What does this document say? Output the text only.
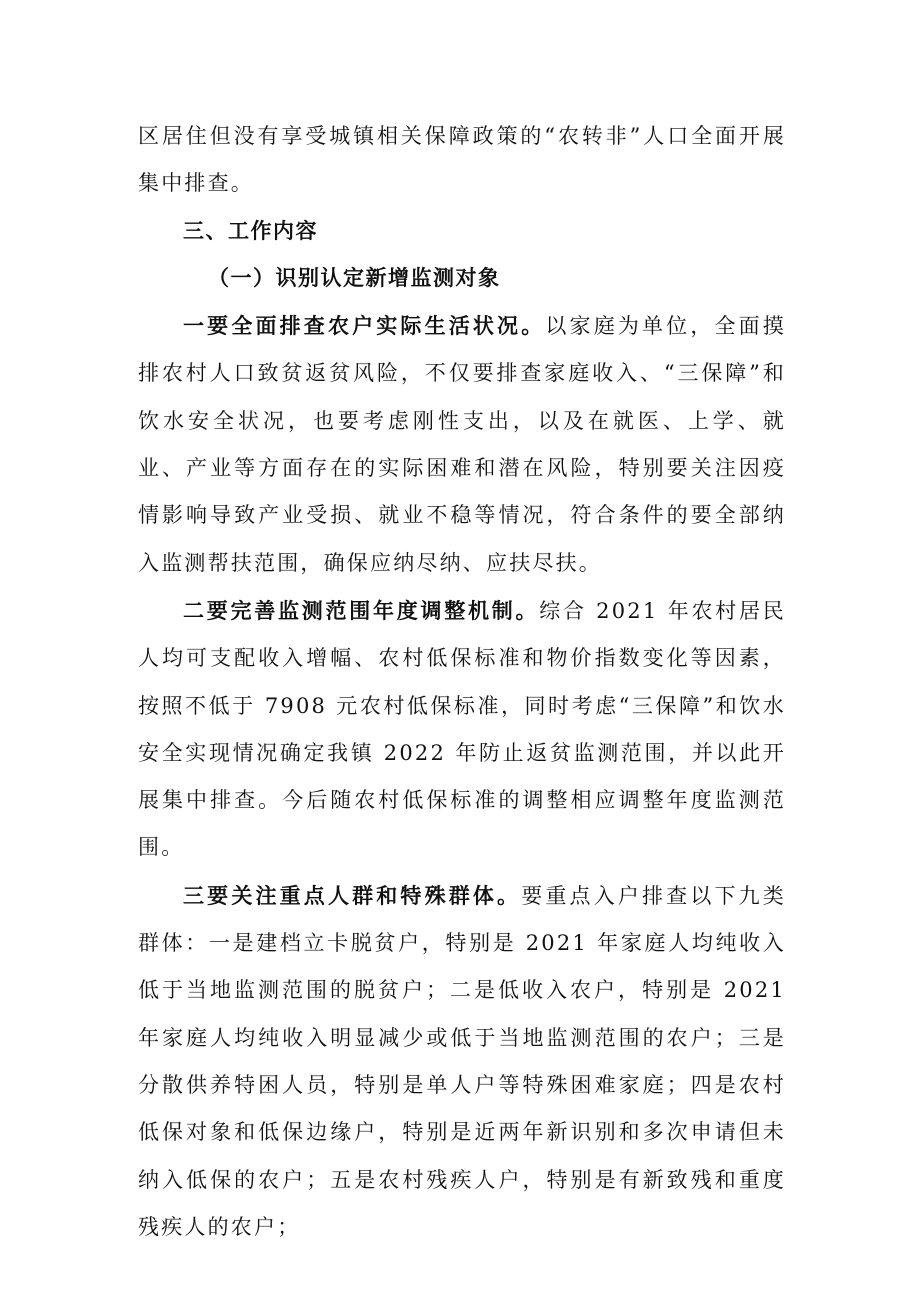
区居住但没有享受城镇相关保障政策的“农转非”人口全面开展集中排查。

三、工作内容

（一）识别认定新增监测对象

一要全面排查农户实际生活状况。以家庭为单位，全面摸排农村人口致贫返贫风险，不仅要排查家庭收入、“三保障”和饮水安全状况，也要考虑刚性支出，以及在就医、上学、就业、产业等方面存在的实际困难和潜在风险，特别要关注因疫情影响导致产业受损、就业不稳等情况，符合条件的要全部纳入监测帮扶范围，确保应纳尽纳、应扶尽扶。

二要完善监测范围年度调整机制。综合 2021 年农村居民人均可支配收入增幅、农村低保标准和物价指数变化等因素，按照不低于 7908 元农村低保标准，同时考虑“三保障”和饮水安全实现情况确定我镇 2022 年防止返贫监测范围，并以此开展集中排查。今后随农村低保标准的调整相应调整年度监测范围。

三要关注重点人群和特殊群体。要重点入户排查以下九类群体：一是建档立卡脱贫户，特别是 2021 年家庭人均纯收入低于当地监测范围的脱贫户；二是低收入农户，特别是 2021 年家庭人均纯收入明显减少或低于当地监测范围的农户；三是分散供养特困人员，特别是单人户等特殊困难家庭；四是农村低保对象和低保边缘户，特别是近两年新识别和多次申请但未纳入低保的农户；五是农村残疾人户，特别是有新致残和重度残疾人的农户；
